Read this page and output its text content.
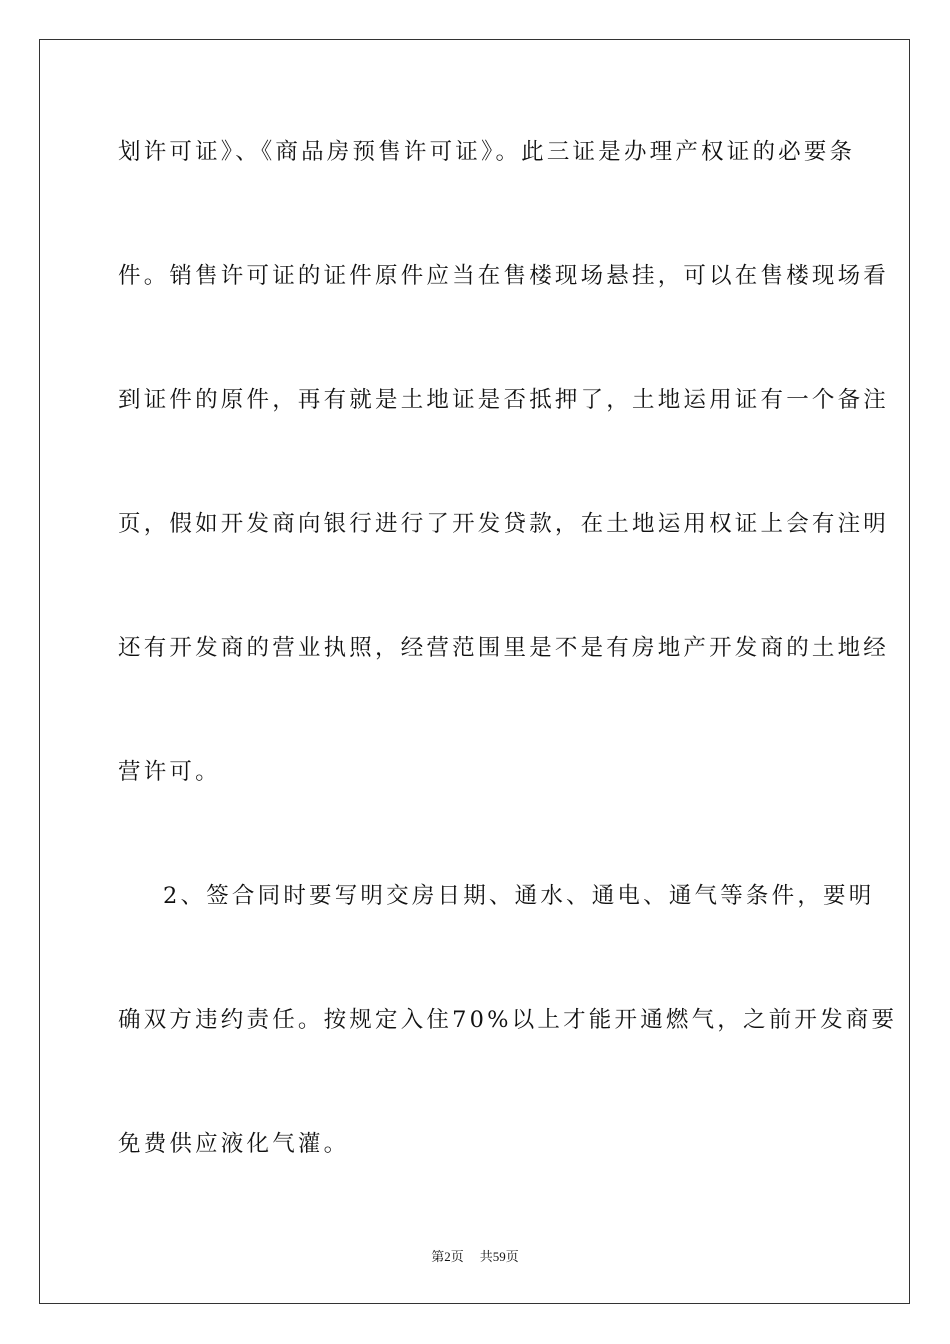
划许可证》、《商品房预售许可证》。此三证是办理产权证的必要条
件。销售许可证的证件原件应当在售楼现场悬挂，可以在售楼现场看
到证件的原件，再有就是土地证是否抵押了，土地运用证有一个备注
页，假如开发商向银行进行了开发贷款，在土地运用权证上会有注明
还有开发商的营业执照，经营范围里是不是有房地产开发商的土地经
营许可。
2、签合同时要写明交房日期、通水、通电、通气等条件，要明
确双方违约责任。按规定入住70%以上才能开通燃气，之前开发商要
免费供应液化气灌。
第2页 共59页
